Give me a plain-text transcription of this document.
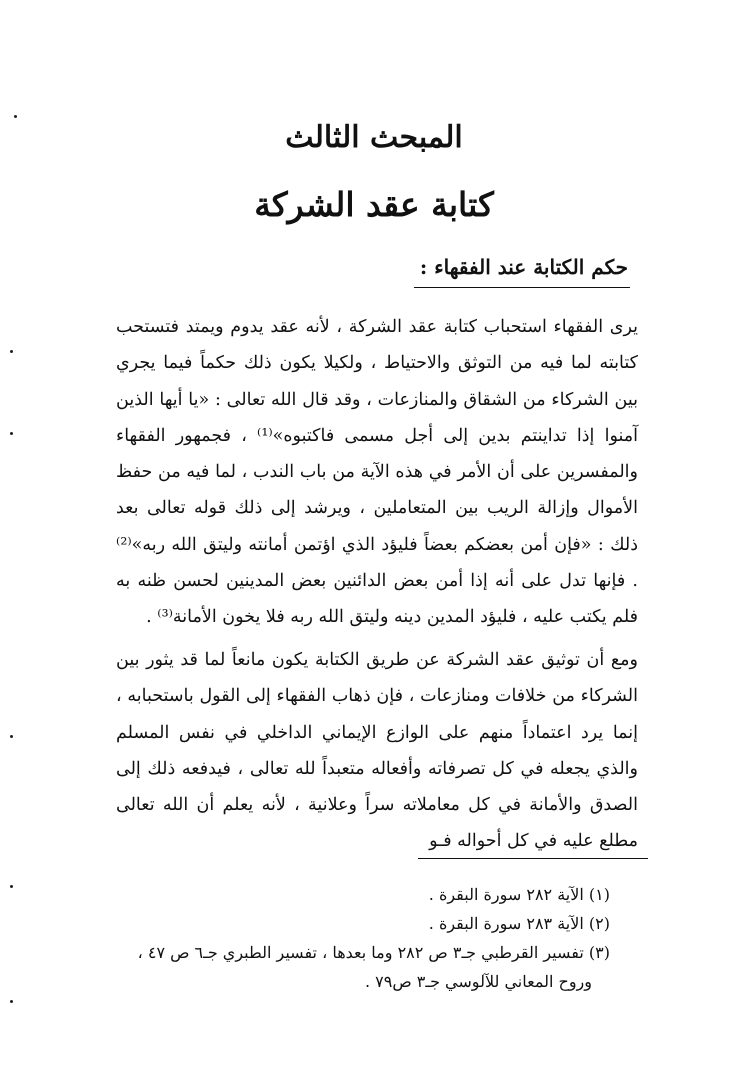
المبحث الثالث
كتابة عقد الشركة
حكم الكتابة عند الفقهاء :

يرى الفقهاء استحباب كتابة عقد الشركة ، لأنه عقد يدوم ويمتد فتستحب كتابته لما فيه من التوثق والاحتياط ، ولكيلا يكون ذلك حكماً فيما يجري بين الشركاء من الشقاق والمنازعات ، وقد قال الله تعالى : «يا أيها الذين آمنوا إذا تداينتم بدين إلى أجل مسمى فاكتبوه»⁽¹⁾ ، فجمهور الفقهاء والمفسرين على أن الأمر في هذه الآية من باب الندب ، لما فيه من حفظ الأموال وإزالة الريب بين المتعاملين ، ويرشد إلى ذلك قوله تعالى بعد ذلك : «فإن أمن بعضكم بعضاً فليؤد الذي اؤتمن أمانته وليتق الله ربه»⁽²⁾ . فإنها تدل على أنه إذا أمن بعض الدائنين بعض المدينين لحسن ظنه به فلم يكتب عليه ، فليؤد المدين دينه وليتق الله ربه فلا يخون الأمانة⁽³⁾ .

ومع أن توثيق عقد الشركة عن طريق الكتابة يكون مانعاً لما قد يثور بين الشركاء من خلافات ومنازعات ، فإن ذهاب الفقهاء إلى القول باستحبابه ، إنما يرد اعتماداً منهم على الوازع الإيماني الداخلي في نفس المسلم والذي يجعله في كل تصرفاته وأفعاله متعبداً لله تعالى ، فيدفعه ذلك إلى الصدق والأمانة في كل معاملاته سراً وعلانية ، لأنه يعلم أن الله تعالى مطلع عليه في كل أحواله فـو

(١) الآية ٢٨٢ سورة البقرة .
(٢) الآية ٢٨٣ سورة البقرة .
(٣) تفسير القرطبي جـ٣ ص ٢٨٢ وما بعدها ، تفسير الطبري جـ٦ ص ٤٧ ،
وروح المعاني للآلوسي جـ٣ ص٧٩ .
